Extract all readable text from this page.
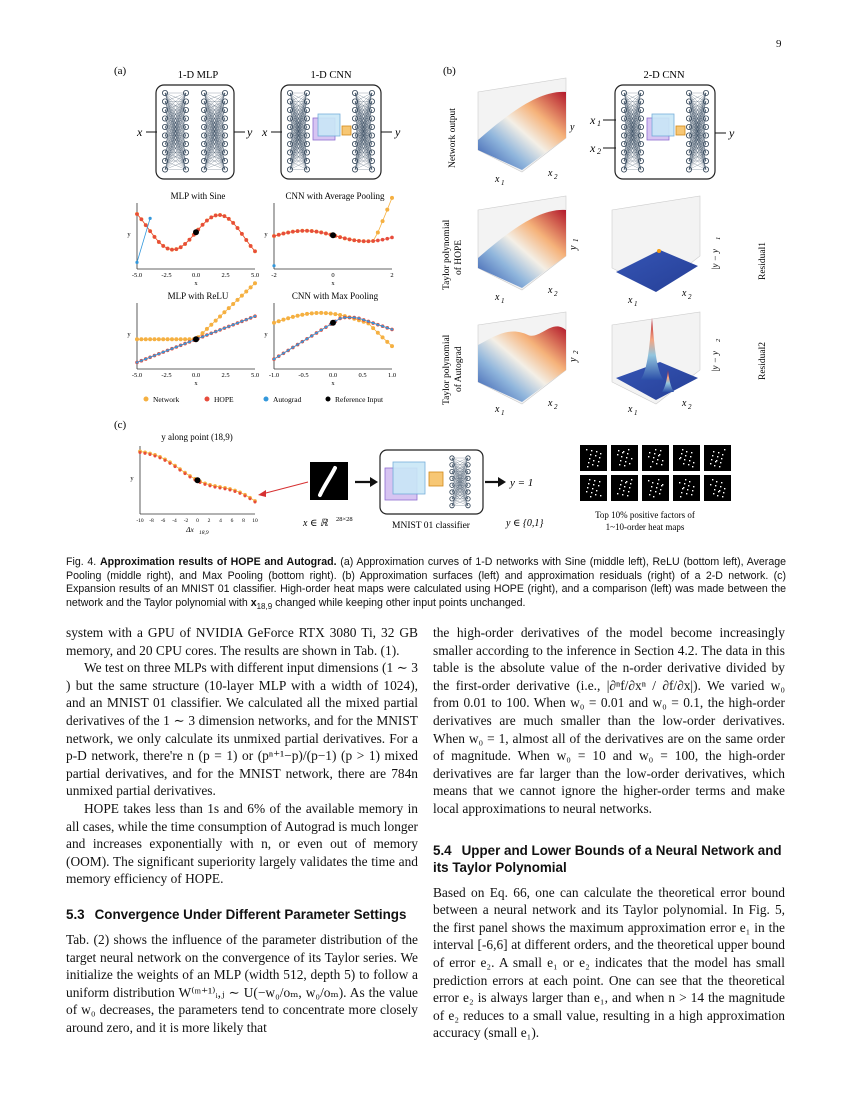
9
(a)	(b)
(c)
1-D MLP	1-D CNN	2-D CNN
x	y x	y
x 1
x 2
y
MLP with Sine	CNN with Average Pooling
MLP with ReLU	CNN with Max Pooling
-5.0	-2.5	0.0	2.5	5.0
x
y
-2	0	2
x
y
-5.0	-2.5	0.0	2.5	5.0
x
y
-1.0	-0.5	0.0	0.5	1.0
x
y
Network	HOPE	Autograd	Reference Input
Network output
Taylor polynomial of HOPE
Taylor polynomial of Autograd
Residual1
Residual2
x 1
x 2
y
x 1
x 2
y
1
x 1
x 2
y
2
x 1
x 2
|y − y
1
x 1
x 2
|y − y
2
y along point (18,9)
-10 -8 -6 -4 -2 0 2 4 6 8 10
y
Δx 18,9
x ∈ ℝ 28×28
MNIST 01 classifier
y = 1
y ∈ {0,1}
Top 10% positive factors of
1~10-order heat maps
Fig. 4. Approximation results of HOPE and Autograd. (a) Approximation curves of 1-D networks with Sine (middle left), ReLU (bottom left), Average Pooling (middle right), and Max Pooling (bottom right). (b) Approximation surfaces (left) and approximation residuals (right) of a 2-D network. (c) Expansion results of an MNIST 01 classifier. High-order heat maps were calculated using HOPE (right), and a comparison (left) was made between the network and the Taylor polynomial with $x_{18,9}$ changed while keeping other input points unchanged.

system with a GPU of NVIDIA GeForce RTX 3080 Ti, 32 GB memory, and 20 CPU cores. The results are shown in Tab. (1).

We test on three MLPs with different input dimensions (1 ∼ 3 ) but the same structure (10-layer MLP with a width of 1024), and an MNIST 01 classifier. We calculated all the mixed partial derivatives of the 1 ∼ 3 dimension networks, and for the MNIST network, we only calculate its unmixed partial derivatives. For a p-D network, there're n (p = 1) or (pⁿ⁺¹−p)/(p−1) (p > 1) mixed partial derivatives, and for the MNIST network, there are 784n unmixed partial derivatives.

HOPE takes less than 1s and 6% of the available memory in all cases, while the time consumption of Autograd is much longer and increases exponentially with n, or even out of memory (OOM). The significant superiority largely validates the time and memory efficiency of HOPE.

5.3 Convergence Under Different Parameter Settings

Tab. (2) shows the influence of the parameter distribution of the target neural network on the convergence of its Taylor series. We initialize the weights of an MLP (width 512, depth 5) to follow a uniform distribution W⁽ᵐ⁺¹⁾ᵢ,ⱼ ∼ U(−w₀/oₘ, w₀/oₘ). As the value of w₀ decreases, the parameters tend to concentrate more closely around zero, and it is more likely that

the high-order derivatives of the model become increasingly smaller according to the inference in Section 4.2. The data in this table is the absolute value of the n-order derivative divided by the first-order derivative (i.e., |∂ⁿf/∂xⁿ / ∂f/∂x|). We varied w₀ from 0.01 to 100. When w₀ = 0.01 and w₀ = 0.1, the high-order derivatives are much smaller than the low-order derivatives. When w₀ = 1, almost all of the derivatives are on the same order of magnitude. When w₀ = 10 and w₀ = 100, the high-order derivatives are far larger than the low-order derivatives, which means that we cannot ignore the higher-order terms and make local approximations to neural networks.

5.4 Upper and Lower Bounds of a Neural Network and its Taylor Polynomial

Based on Eq. 66, one can calculate the theoretical error bound between a neural network and its Taylor polynomial. In Fig. 5, the first panel shows the maximum approximation error e₁ in the interval [-6,6] at different orders, and the theoretical upper bound of error e₂. A small e₁ or e₂ indicates that the model has small prediction errors at each point. One can see that the theoretical error e₂ is always larger than e₁, and when n > 14 the magnitude of e₂ reduces to a small value, resulting in a high approximation accuracy (small e₁).
